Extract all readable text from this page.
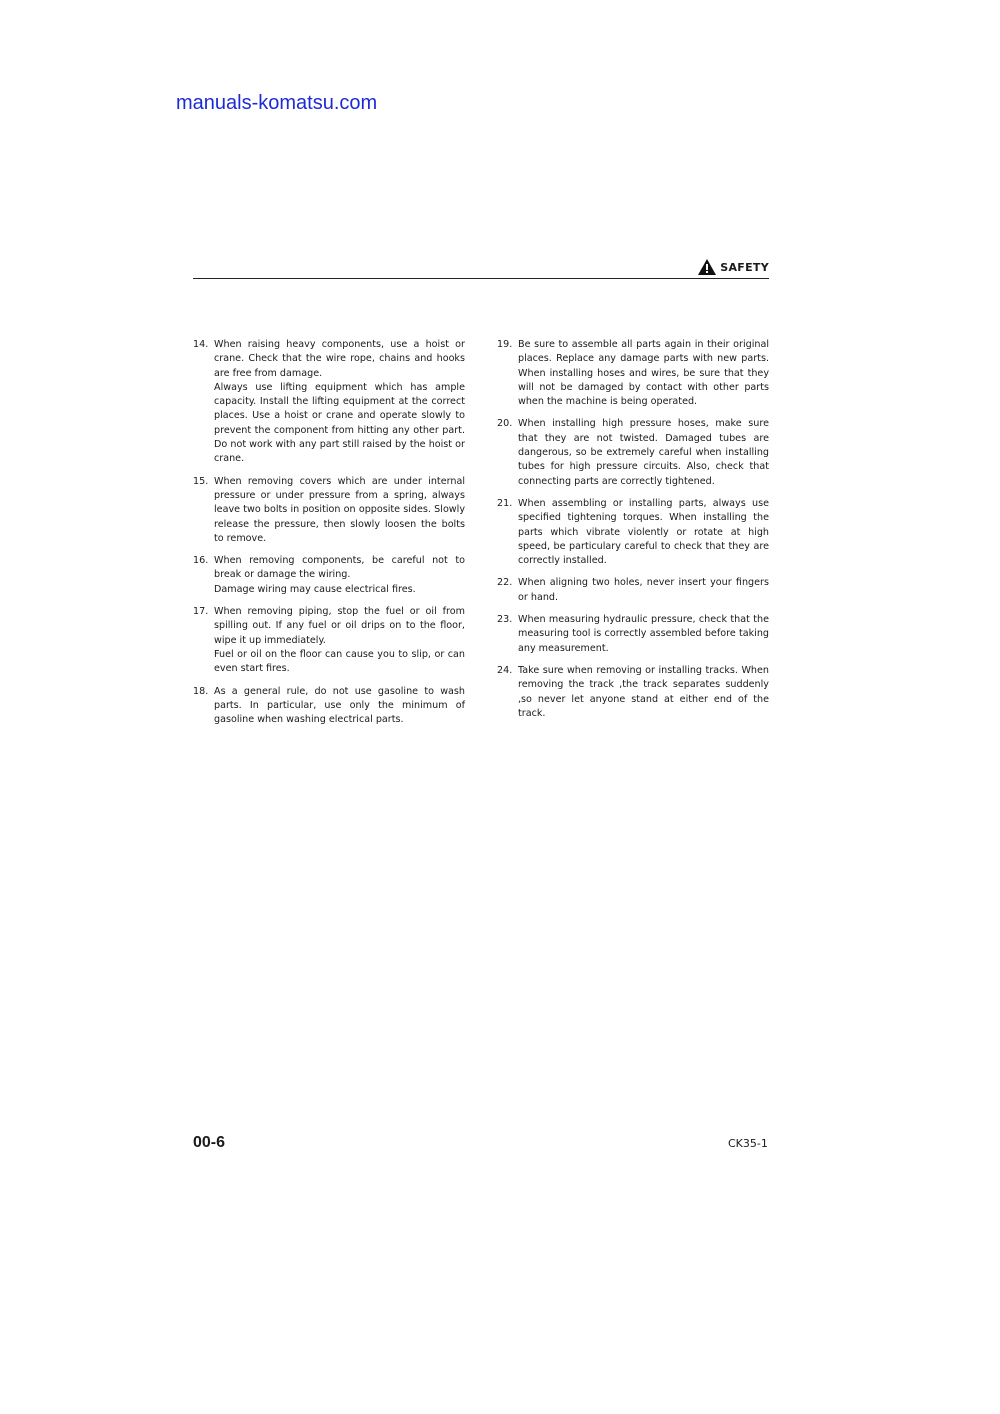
manuals-komatsu.com
SAFETY
14. When raising heavy components, use a hoist or crane. Check that the wire rope, chains and hooks are free from damage.

Always use lifting equipment which has ample capacity. Install the lifting equipment at the correct places. Use a hoist or crane and operate slowly to prevent the component from hitting any other part. Do not work with any part still raised by the hoist or crane.

15. When removing covers which are under internal pressure or under pressure from a spring, always leave two bolts in position on opposite sides. Slowly release the pressure, then slowly loosen the bolts to remove.

16. When removing components, be careful not to break or damage the wiring.

Damage wiring may cause electrical fires.

17. When removing piping, stop the fuel or oil from spilling out. If any fuel or oil drips on to the floor, wipe it up immediately.

Fuel or oil on the floor can cause you to slip, or can even start fires.

18. As a general rule, do not use gasoline to wash parts. In particular, use only the minimum of gasoline when washing electrical parts.

19. Be sure to assemble all parts again in their original places. Replace any damage parts with new parts. When installing hoses and wires, be sure that they will not be damaged by contact with other parts when the machine is being operated.

20. When installing high pressure hoses, make sure that they are not twisted. Damaged tubes are dangerous, so be extremely careful when installing tubes for high pressure circuits. Also, check that connecting parts are correctly tightened.

21. When assembling or installing parts, always use specified tightening torques. When installing the parts which vibrate violently or rotate at high speed, be particulary careful to check that they are correctly installed.

22. When aligning two holes, never insert your fingers or hand.

23. When measuring hydraulic pressure, check that the measuring tool is correctly assembled before taking any measurement.

24. Take sure when removing or installing tracks. When removing the track ,the track separates suddenly ,so never let anyone stand at either end of the track.

00-6	CK35-1
